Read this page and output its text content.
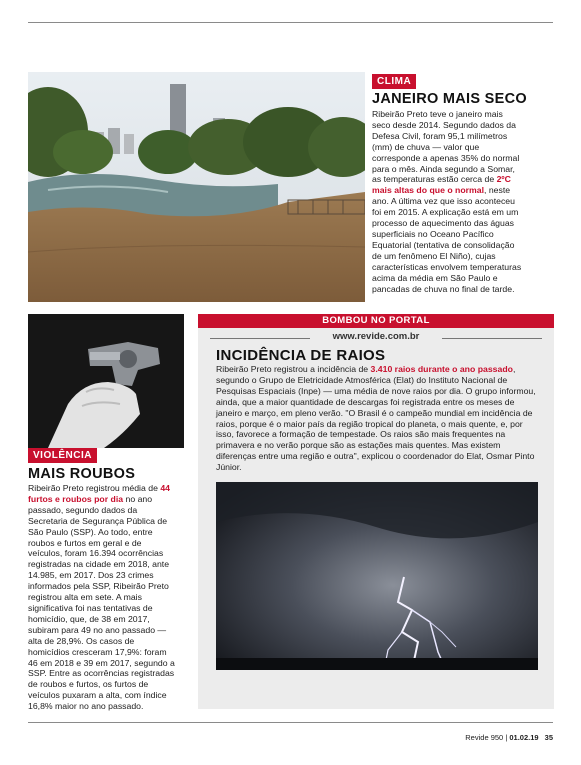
CLIMA
JANEIRO MAIS SECO
Ribeirão Preto teve o janeiro mais seco desde 2014. Segundo dados da Defesa Civil, foram 95,1 milímetros (mm) de chuva — valor que corresponde a apenas 35% do normal para o mês. Ainda segundo a Somar, as temperaturas estão cerca de 2ºC mais altas do que o normal, neste ano. A última vez que isso aconteceu foi em 2015. A explicação está em um processo de aquecimento das águas superficiais no Oceano Pacífico Equatorial (tentativa de consolidação de um fenômeno El Niño), cujas características envolvem temperaturas acima da média em São Paulo e pancadas de chuva no final de tarde.
VIOLÊNCIA
MAIS ROUBOS
Ribeirão Preto registrou média de 44 furtos e roubos por dia no ano passado, segundo dados da Secretaria de Segurança Pública de São Paulo (SSP). Ao todo, entre roubos e furtos em geral e de veículos, foram 16.394 ocorrências registradas na cidade em 2018, ante 14.985, em 2017. Dos 23 crimes informados pela SSP, Ribeirão Preto registrou alta em sete. A mais significativa foi nas tentativas de homicídio, que, de 38 em 2017, subiram para 49 no ano passado — alta de 28,9%. Os casos de homicídios cresceram 17,9%: foram 46 em 2018 e 39 em 2017, segundo a SSP. Entre as ocorrências registradas de roubos e furtos, os furtos de veículos puxaram a alta, com índice 16,8% maior no ano passado.
BOMBOU NO PORTAL
www.revide.com.br
INCIDÊNCIA DE RAIOS
Ribeirão Preto registrou a incidência de 3.410 raios durante o ano passado, segundo o Grupo de Eletricidade Atmosférica (Elat) do Instituto Nacional de Pesquisas Espaciais (Inpe) — uma média de nove raios por dia. O grupo informou, ainda, que a maior quantidade de descargas foi registrada entre os meses de janeiro e março, em pleno verão. "O Brasil é o campeão mundial em incidência de raios, porque é o maior país da região tropical do planeta, o mais quente, e, por isso, favorece a formação de tempestade. Os raios são mais frequentes na primavera e no verão porque são as estações mais quentes. Mas existem diferenças entre uma região e outra", explicou o coordenador do Elat, Osmar Pinto Júnior.
Revide 950 | 01.02.19 35
